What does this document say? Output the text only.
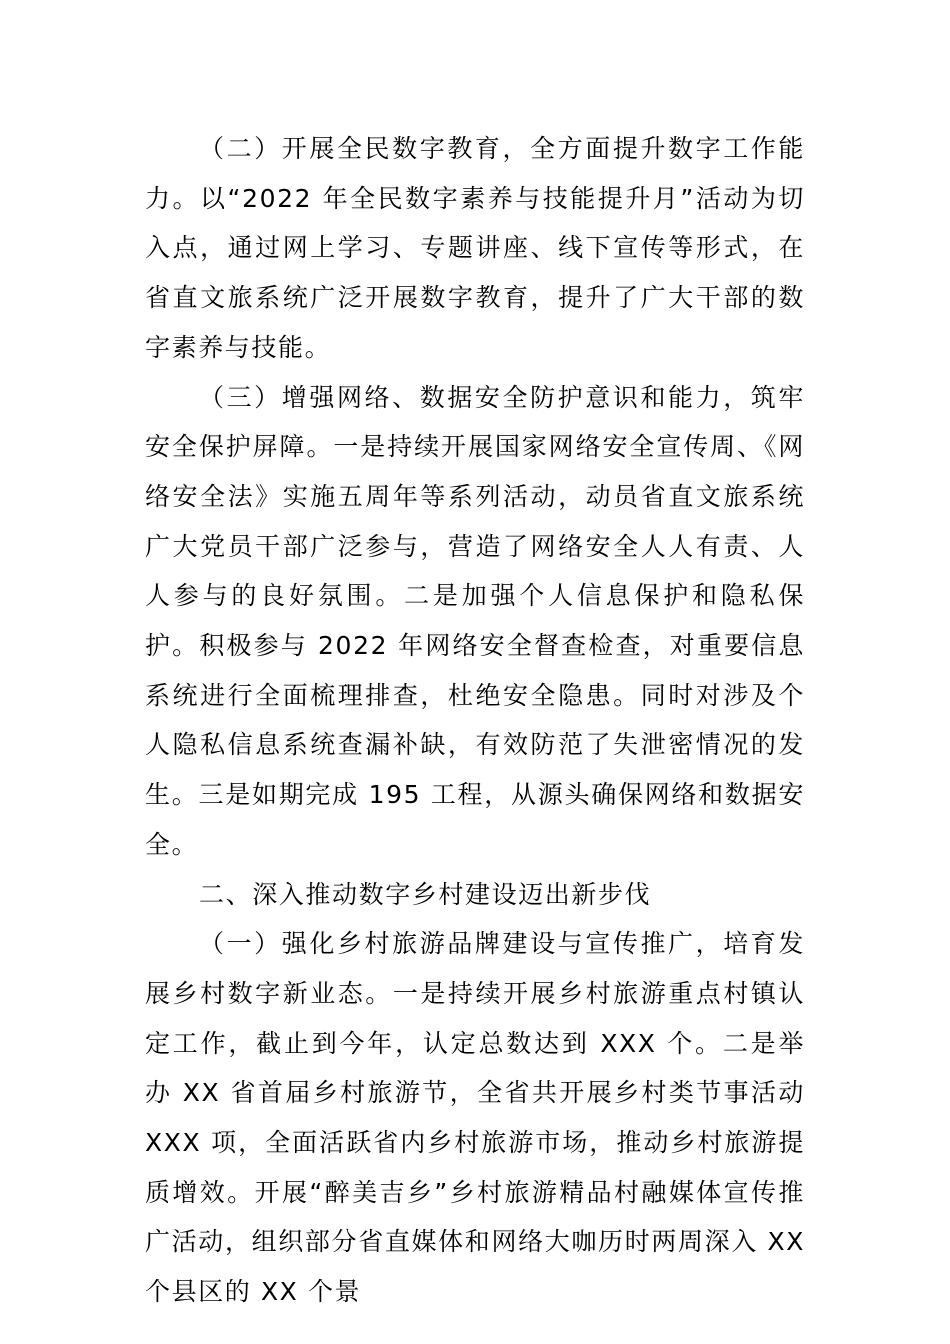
（二）开展全民数字教育，全方面提升数字工作能力。以“2022 年全民数字素养与技能提升月”活动为切入点，通过网上学习、专题讲座、线下宣传等形式，在省直文旅系统广泛开展数字教育，提升了广大干部的数字素养与技能。

（三）增强网络、数据安全防护意识和能力，筑牢安全保护屏障。一是持续开展国家网络安全宣传周、《网络安全法》实施五周年等系列活动，动员省直文旅系统广大党员干部广泛参与，营造了网络安全人人有责、人人参与的良好氛围。二是加强个人信息保护和隐私保护。积极参与 2022 年网络安全督查检查，对重要信息系统进行全面梳理排查，杜绝安全隐患。同时对涉及个人隐私信息系统查漏补缺，有效防范了失泄密情况的发生。三是如期完成 195 工程，从源头确保网络和数据安全。

二、深入推动数字乡村建设迈出新步伐

（一）强化乡村旅游品牌建设与宣传推广，培育发展乡村数字新业态。一是持续开展乡村旅游重点村镇认定工作，截止到今年，认定总数达到 XXX 个。二是举办 XX 省首届乡村旅游节，全省共开展乡村类节事活动 XXX 项，全面活跃省内乡村旅游市场，推动乡村旅游提质增效。开展“醉美吉乡”乡村旅游精品村融媒体宣传推广活动，组织部分省直媒体和网络大咖历时两周深入 XX 个县区的 XX 个景
